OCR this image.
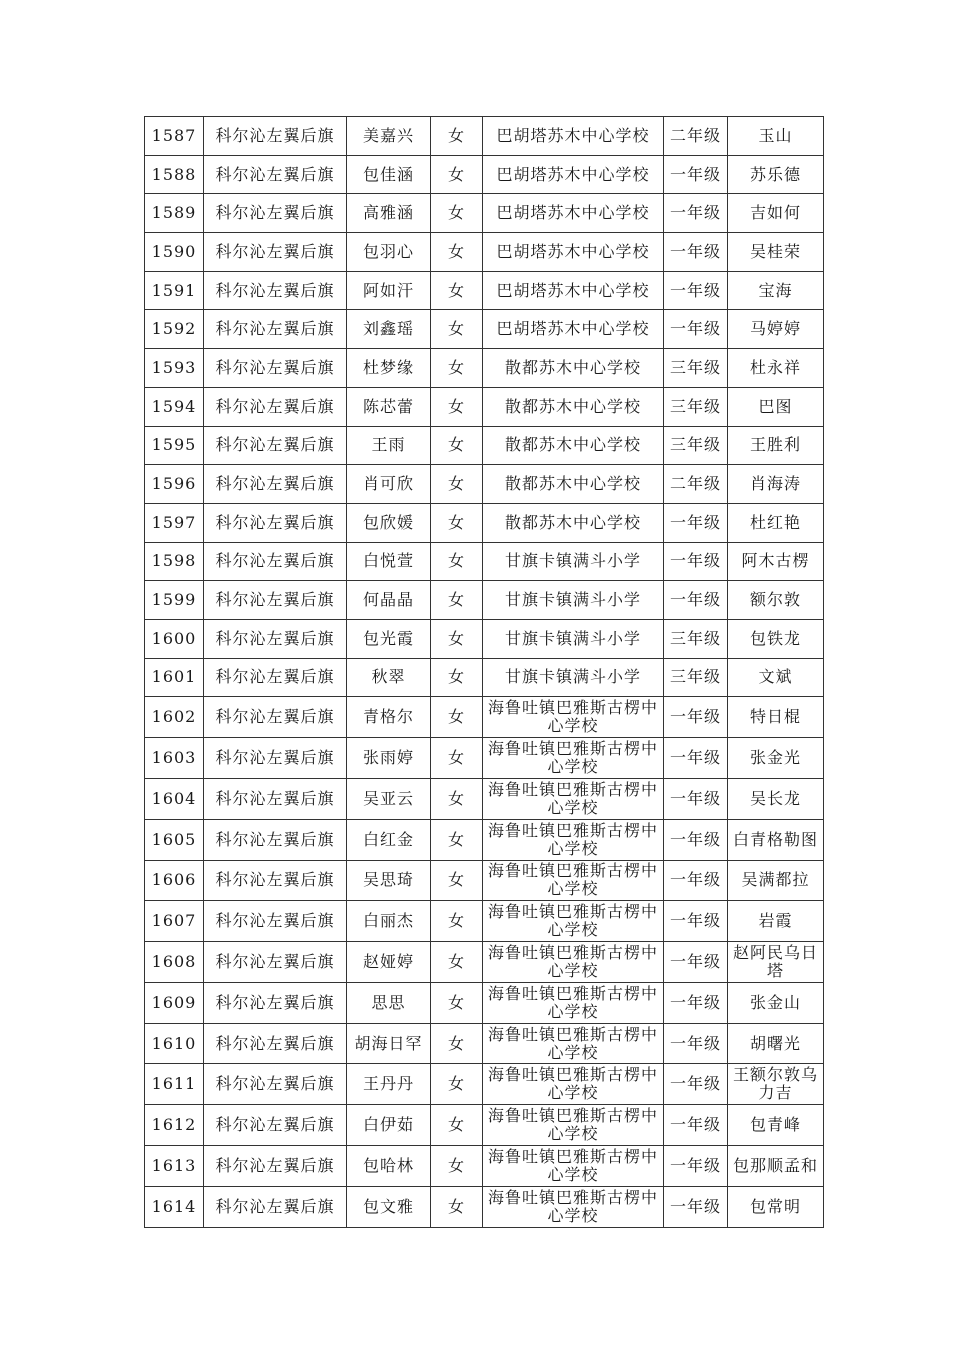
1587	科尔沁左翼后旗	美嘉兴	女	巴胡塔苏木中心学校	二年级	玉山
1588	科尔沁左翼后旗	包佳涵	女	巴胡塔苏木中心学校	一年级	苏乐德
1589	科尔沁左翼后旗	高雅涵	女	巴胡塔苏木中心学校	一年级	吉如何
1590	科尔沁左翼后旗	包羽心	女	巴胡塔苏木中心学校	一年级	吴桂荣
1591	科尔沁左翼后旗	阿如汗	女	巴胡塔苏木中心学校	一年级	宝海
1592	科尔沁左翼后旗	刘鑫瑶	女	巴胡塔苏木中心学校	一年级	马婷婷
1593	科尔沁左翼后旗	杜梦缘	女	散都苏木中心学校	三年级	杜永祥
1594	科尔沁左翼后旗	陈芯蕾	女	散都苏木中心学校	三年级	巴图
1595	科尔沁左翼后旗	王雨	女	散都苏木中心学校	三年级	王胜利
1596	科尔沁左翼后旗	肖可欣	女	散都苏木中心学校	二年级	肖海涛
1597	科尔沁左翼后旗	包欣媛	女	散都苏木中心学校	一年级	杜红艳
1598	科尔沁左翼后旗	白悦萱	女	甘旗卡镇满斗小学	一年级	阿木古楞
1599	科尔沁左翼后旗	何晶晶	女	甘旗卡镇满斗小学	一年级	额尔敦
1600	科尔沁左翼后旗	包光霞	女	甘旗卡镇满斗小学	三年级	包铁龙
1601	科尔沁左翼后旗	秋翠	女	甘旗卡镇满斗小学	三年级	文斌
1602	科尔沁左翼后旗	青格尔	女	海鲁吐镇巴雅斯古楞中心学校	一年级	特日棍
1603	科尔沁左翼后旗	张雨婷	女	海鲁吐镇巴雅斯古楞中心学校	一年级	张金光
1604	科尔沁左翼后旗	吴亚云	女	海鲁吐镇巴雅斯古楞中心学校	一年级	吴长龙
1605	科尔沁左翼后旗	白红金	女	海鲁吐镇巴雅斯古楞中心学校	一年级	白青格勒图
1606	科尔沁左翼后旗	吴思琦	女	海鲁吐镇巴雅斯古楞中心学校	一年级	吴满都拉
1607	科尔沁左翼后旗	白丽杰	女	海鲁吐镇巴雅斯古楞中心学校	一年级	岩霞
1608	科尔沁左翼后旗	赵娅婷	女	海鲁吐镇巴雅斯古楞中心学校	一年级	赵阿民乌日塔
1609	科尔沁左翼后旗	思思	女	海鲁吐镇巴雅斯古楞中心学校	一年级	张金山
1610	科尔沁左翼后旗	胡海日罕	女	海鲁吐镇巴雅斯古楞中心学校	一年级	胡曙光
1611	科尔沁左翼后旗	王丹丹	女	海鲁吐镇巴雅斯古楞中心学校	一年级	王额尔敦乌力吉
1612	科尔沁左翼后旗	白伊茹	女	海鲁吐镇巴雅斯古楞中心学校	一年级	包青峰
1613	科尔沁左翼后旗	包哈林	女	海鲁吐镇巴雅斯古楞中心学校	一年级	包那顺孟和
1614	科尔沁左翼后旗	包文雅	女	海鲁吐镇巴雅斯古楞中心学校	一年级	包常明
